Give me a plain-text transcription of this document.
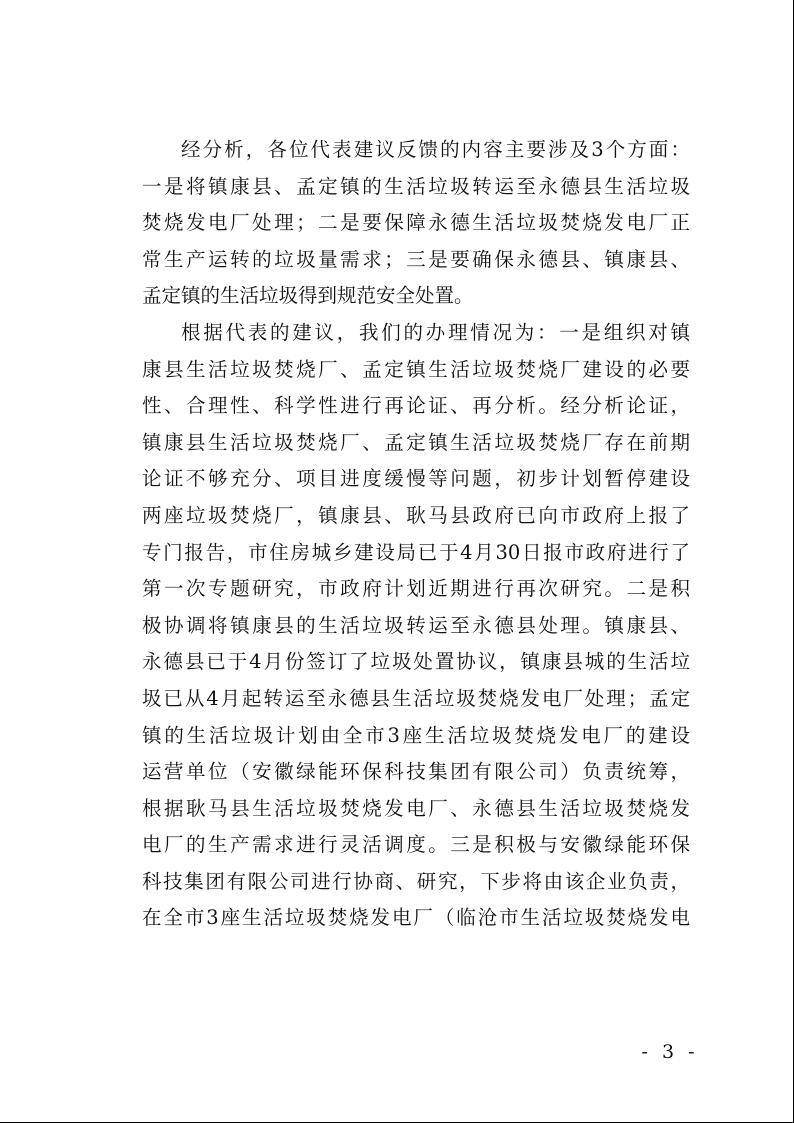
经分析，各位代表建议反馈的内容主要涉及3个方面：
一是将镇康县、孟定镇的生活垃圾转运至永德县生活垃圾
焚烧发电厂处理；二是要保障永德生活垃圾焚烧发电厂正
常生产运转的垃圾量需求；三是要确保永德县、镇康县、
孟定镇的生活垃圾得到规范安全处置。
根据代表的建议，我们的办理情况为：一是组织对镇
康县生活垃圾焚烧厂、孟定镇生活垃圾焚烧厂建设的必要
性、合理性、科学性进行再论证、再分析。经分析论证，
镇康县生活垃圾焚烧厂、孟定镇生活垃圾焚烧厂存在前期
论证不够充分、项目进度缓慢等问题，初步计划暂停建设
两座垃圾焚烧厂，镇康县、耿马县政府已向市政府上报了
专门报告，市住房城乡建设局已于4月30日报市政府进行了
第一次专题研究，市政府计划近期进行再次研究。二是积
极协调将镇康县的生活垃圾转运至永德县处理。镇康县、
永德县已于4月份签订了垃圾处置协议，镇康县城的生活垃
圾已从4月起转运至永德县生活垃圾焚烧发电厂处理；孟定
镇的生活垃圾计划由全市3座生活垃圾焚烧发电厂的建设
运营单位（安徽绿能环保科技集团有限公司）负责统筹，
根据耿马县生活垃圾焚烧发电厂、永德县生活垃圾焚烧发
电厂的生产需求进行灵活调度。三是积极与安徽绿能环保
科技集团有限公司进行协商、研究，下步将由该企业负责，
在全市3座生活垃圾焚烧发电厂（临沧市生活垃圾焚烧发电
- 3 -
